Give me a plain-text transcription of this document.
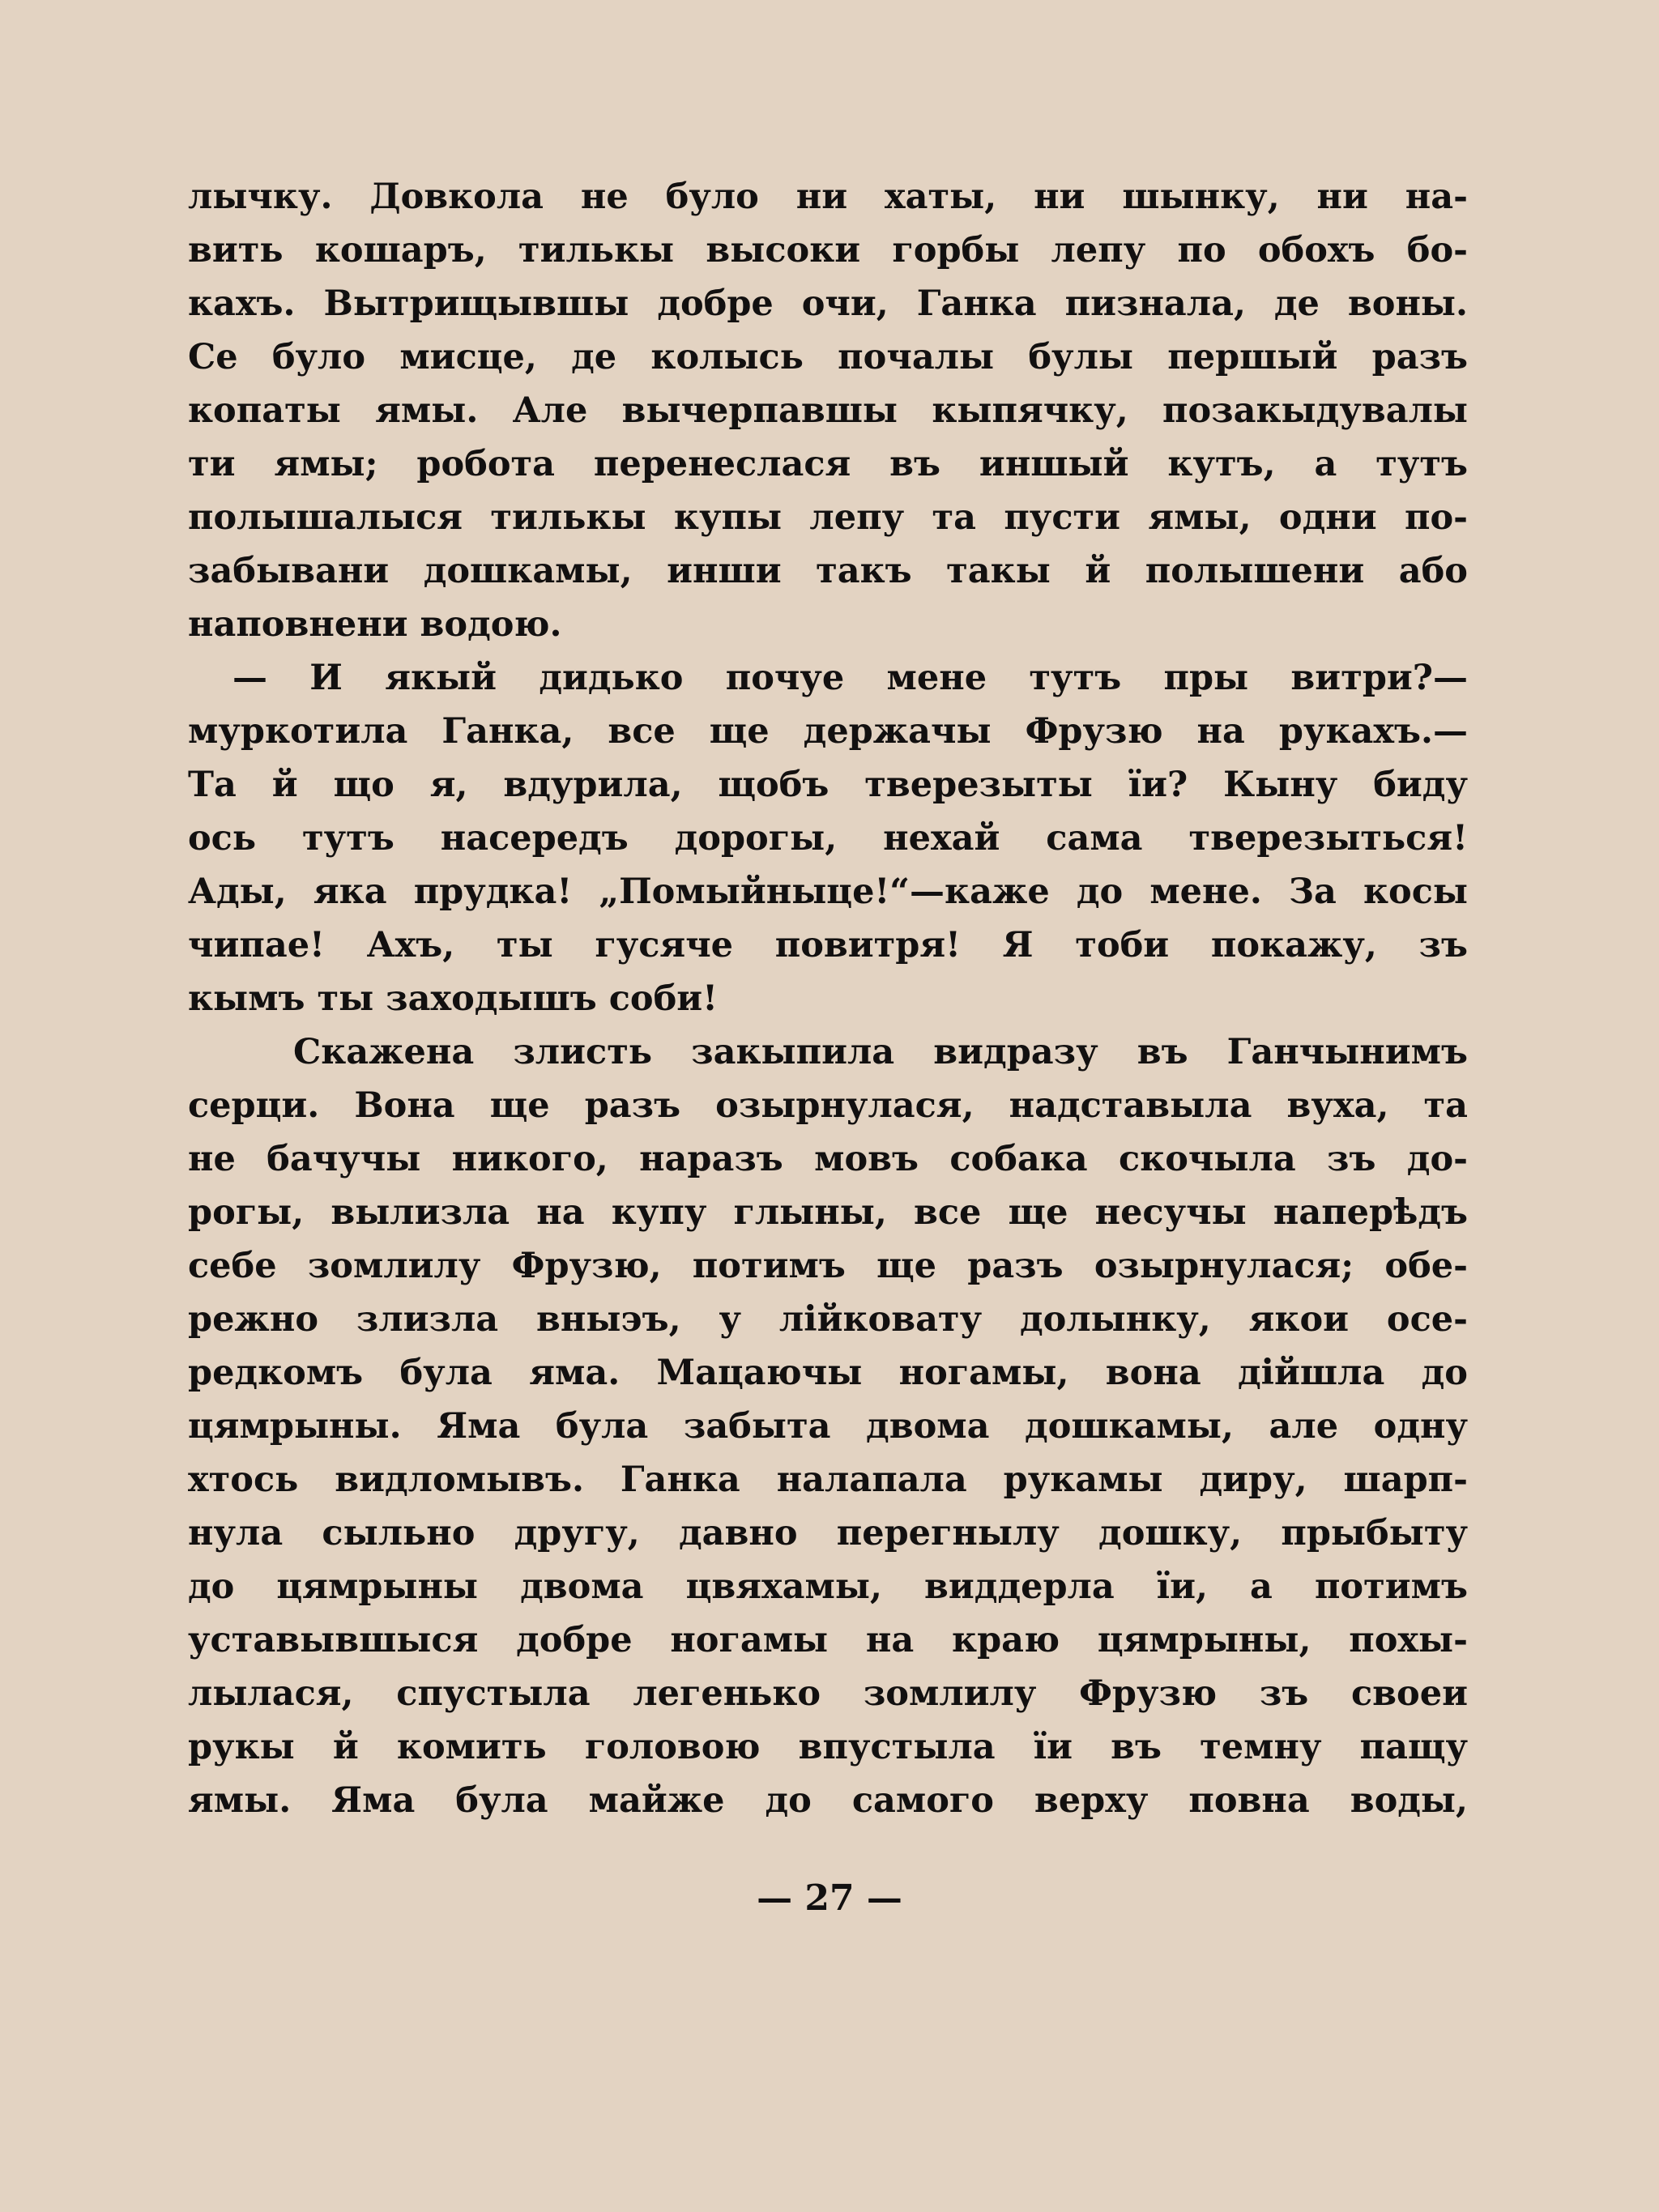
лычку. Довкола не було ни хаты, ни шынку, ни на-
вить кошаръ, тилькы высоки горбы лепу по обохъ бо-
кахъ. Вытрищывшы добре очи, Ганка пизнала, де воны.
Се було мисце, де колысь почалы булы першый разъ
копаты ямы. Але вычерпавшы кыпячку, позакыдувалы
ти ямы; робота перенеслася въ иншый кутъ, а тутъ
полышалыся тилькы купы лепу та пусти ямы, одни по-
забывани дошкамы, инши такъ такы й полышени або
наповнени водою.
— И якый дидько почуе мене тутъ пры витри?—
муркотила Ганка, все ще держачы Фрузю на рукахъ.—
Та й що я, вдурила, щобъ тверезыты ïи? Кыну биду
ось тутъ насередъ дорогы, нехай сама тверезыться!
Ады, яка прудка! „Помыйныце!“—каже до мене. За косы
чипае! Ахъ, ты гусяче повитря! Я тоби покажу, зъ
кымъ ты заходышъ соби!
Скажена злисть закыпила видразу въ Ганчынимъ
серци. Вона ще разъ озырнулася, надставыла вуха, та
не бачучы никого, наразъ мовъ собака скочыла зъ до-
рогы, вылизла на купу глыны, все ще несучы наперѣдъ
себе зомлилу Фрузю, потимъ ще разъ озырнулася; обе-
режно злизла вныэъ, у лiйковату долынку, якои осе-
редкомъ була яма. Мацаючы ногамы, вона дiйшла до
цямрыны. Яма була забыта двома дошкамы, але одну
хтось видломывъ. Ганка налапала рукамы диру, шарп-
нула сыльно другу, давно перегнылу дошку, прыбыту
до цямрыны двома цвяхамы, виддерла ïи, а потимъ
уставывшыся добре ногамы на краю цямрыны, похы-
лылася, спустыла легенько зомлилу Фрузю зъ своеи
рукы й комить головою впустыла ïи въ темну пащу
ямы. Яма була майже до самого верху повна воды,
— 27 —
